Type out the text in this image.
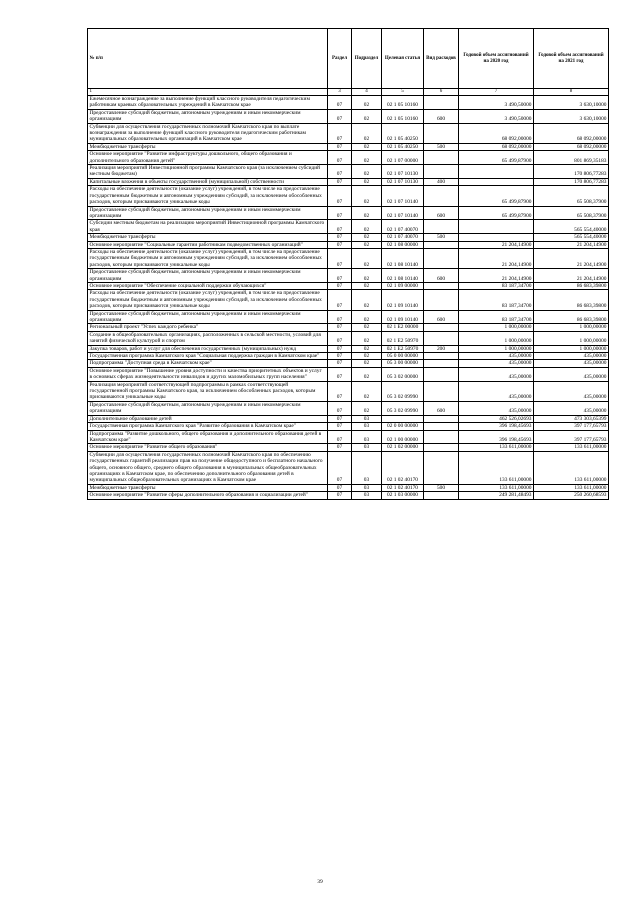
№ п/п	Раздел	Подраздел	Целевая статья	Вид расходов	Годовой объем ассигнований на 2020 год	Годовой объем ассигнований на 2021 год
1	3	4	5	6	7	8
Ежемесячное вознаграждение за выполнение функций классного руководителя педагогическим работникам краевых образовательных учреждений в Камчатском крае	07	02	02 1 05 10160		3 490,50000	3 630,10000
Предоставление субсидий бюджетным, автономным учреждениям и иным некоммерческим организациям	07	02	02 1 05 10160	600	3 490,50000	3 630,10000
Субвенции для осуществления государственных полномочий Камчатского края по выплате вознаграждения за выполнение функций классного руководителя педагогическим работникам муниципальных образовательных организаций в Камчатском крае	07	02	02 1 05 40250		68 092,00000	68 092,00000
Межбюджетные трансферты	07	02	02 1 05 40250	500	68 092,00000	68 092,00000
Основное мероприятие "Развитие инфраструктуры дошкольного, общего образования и дополнительного образования детей"	07	02	02 1 07 00000		65 499,87900	801 869,35183
Реализация мероприятий Инвестиционной программы Камчатского края (за исключением субсидий местным бюджетам)	07	02	02 1 07 10130			170 806,77283
Капитальные вложения в объекты государственной (муниципальной) собственности	07	02	02 1 07 10130	400		170 806,77283
Расходы на обеспечение деятельности (оказание услуг) учреждений, в том числе на предоставление государственным бюджетным и автономным учреждениям субсидий, за исключением обособленных расходов, которым присваиваются уникальные коды	07	02	02 1 07 10140		65 499,87900	65 508,37900
Предоставление субсидий бюджетным, автономным учреждениям и иным некоммерческим организациям	07	02	02 1 07 10140	600	65 499,87900	65 508,37900
Субсидии местным бюджетам на реализацию мероприятий Инвестиционной программы Камчатского края	07	02	02 1 07 40070			565 554,40000
Межбюджетные трансферты	07	02	02 1 07 40070	500		565 554,40000
Основное мероприятие "Социальные гарантии работникам подведомственных организаций"	07	02	02 1 08 00000		21 204,14900	21 204,14900
Расходы на обеспечение деятельности (оказание услуг) учреждений, в том числе на предоставление государственным бюджетным и автономным учреждениям субсидий, за исключением обособленных расходов, которым присваиваются уникальные коды	07	02	02 1 08 10140		21 204,14900	21 204,14900
Предоставление субсидий бюджетным, автономным учреждениям и иным некоммерческим организациям	07	02	02 1 08 10140	600	21 204,14900	21 204,14900
Основное мероприятие "Обеспечение социальной поддержки обучающихся"	07	02	02 1 09 00000		83 187,34700	86 683,39800
Расходы на обеспечение деятельности (оказание услуг) учреждений, в том числе на предоставление государственным бюджетным и автономным учреждениям субсидий, за исключением обособленных расходов, которым присваиваются уникальные коды	07	02	02 1 09 10140		83 187,34700	86 683,39800
Предоставление субсидий бюджетным, автономным учреждениям и иным некоммерческим организациям	07	02	02 1 09 10140	600	83 187,34700	86 683,39800
Региональный проект "Успех каждого ребенка"	07	02	02 1 E2 00000		1 000,00000	1 000,00000
Создание в общеобразовательных организациях, расположенных в сельской местности, условий для занятий физической культурой и спортом	07	02	02 1 E2 50970		1 000,00000	1 000,00000
Закупка товаров, работ и услуг для обеспечения государственных (муниципальных) нужд	07	02	02 1 E2 50970	200	1 000,00000	1 000,00000
Государственная программа Камчатского края "Социальная поддержка граждан в Камчатском крае"	07	02	05 0 00 00000		435,00000	435,00000
Подпрограмма "Доступная среда в Камчатском крае"	07	02	05 3 00 00000		435,00000	435,00000
Основное мероприятие "Повышение уровня доступности и качества приоритетных объектов и услуг в основных сферах жизнедеятельности инвалидов и других маломобильных групп населения"	07	02	05 3 02 00000		435,00000	435,00000
Реализация мероприятий соответствующей подпрограммы в рамках соответствующей государственной программы Камчатского края, за исключением обособленных расходов, которым присваиваются уникальные коды	07	02	05 3 02 09990		435,00000	435,00000
Предоставление субсидий бюджетным, автономным учреждениям и иным некоммерческим организациям	07	02	05 3 02 09990	600	435,00000	435,00000
Дополнительное образование детей	07	03			462 526,02693	473 303,65399
Государственная программа Камчатского края "Развитие образования в Камчатском крае"	07	03	02 0 00 00000		396 198,45693	397 177,65793
Подпрограмма "Развитие дошкольного, общего образования и дополнительного образования детей в Камчатском крае"	07	03	02 1 00 00000		396 198,45693	397 177,65793
Основное мероприятие "Развитие общего образования"	07	03	02 1 02 00000		133 611,00000	133 611,00000
Субвенции для осуществления государственных полномочий Камчатского края по обеспечению государственных гарантий реализации прав на получение общедоступного и бесплатного начального общего, основного общего, среднего общего образования в муниципальных общеобразовательных организациях в Камчатском крае, по обеспечению дополнительного образования детей в муниципальных общеобразовательных организациях в Камчатском крае	07	03	02 1 02 40170		133 611,00000	133 611,00000
Межбюджетные трансферты	07	03	02 1 02 40170	500	133 611,00000	133 611,00000
Основное мероприятие "Развитие сферы дополнительного образования и социализации детей"	07	03	02 1 03 00000		249 281,48493	250 260,68593
39
